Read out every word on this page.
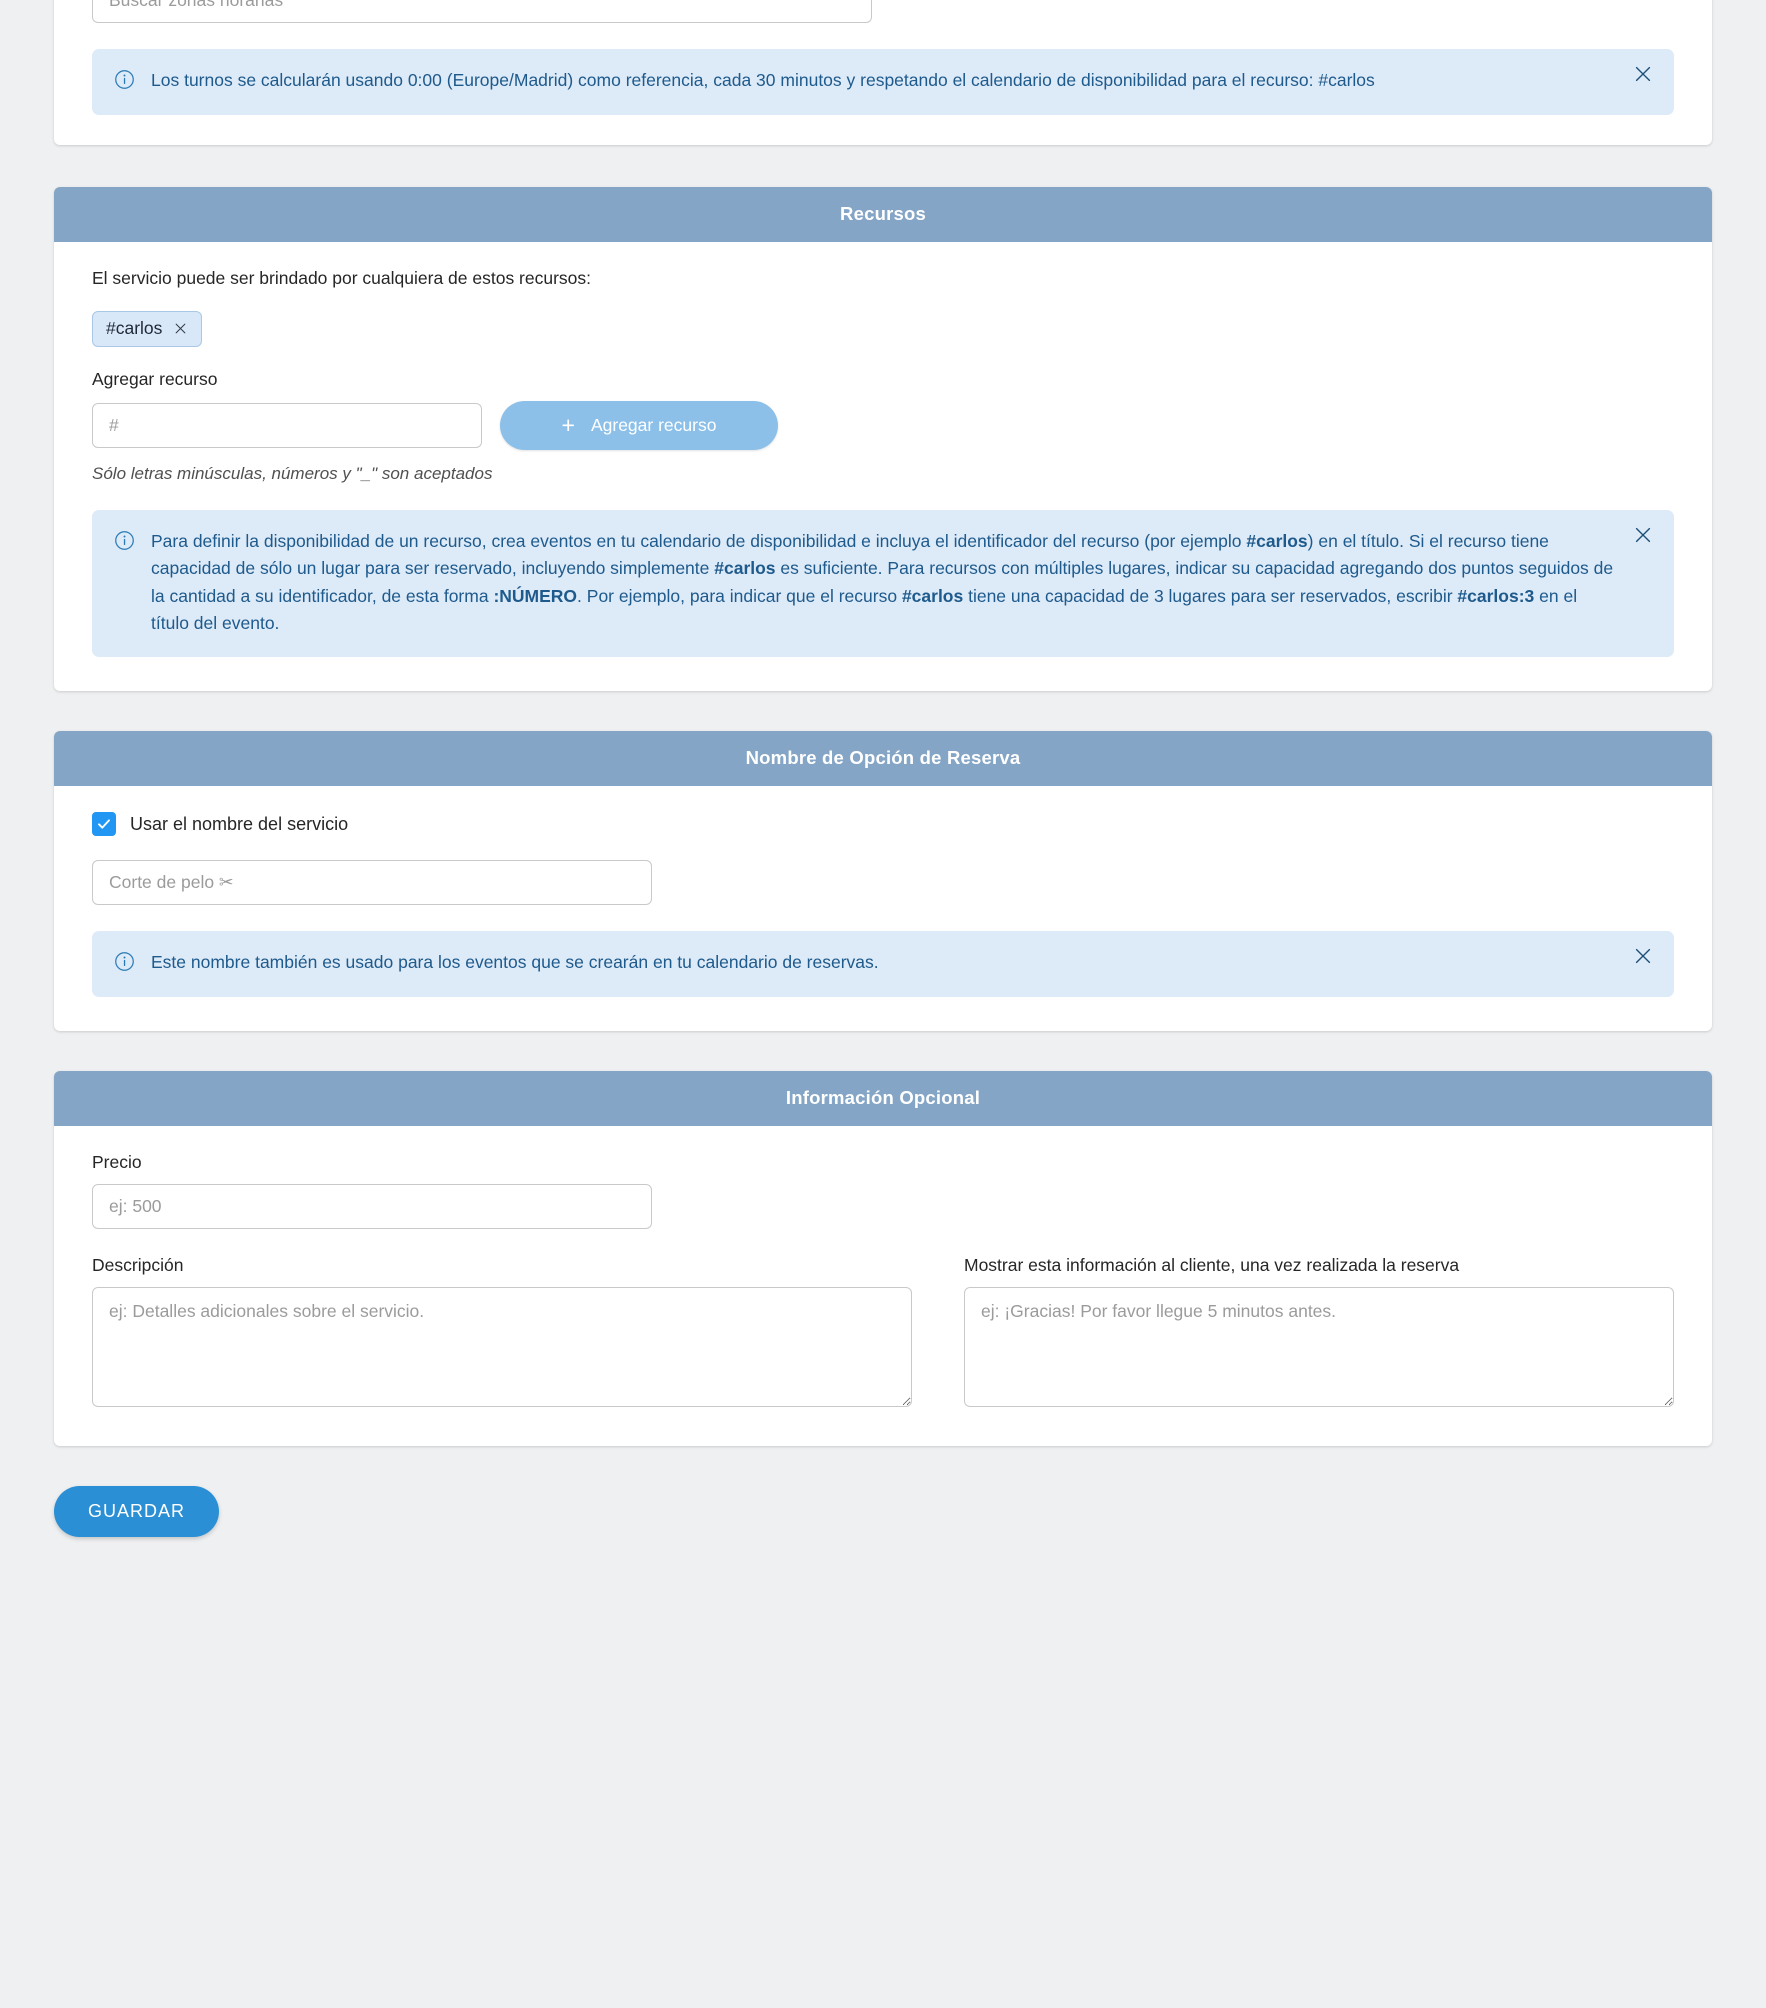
Buscar zonas horarias
Los turnos se calcularán usando 0:00 (Europe/Madrid) como referencia, cada 30 minutos y respetando el calendario de disponibilidad para el recurso: #carlos
Recursos

El servicio puede ser brindado por cualquiera de estos recursos:

#carlos

Agregar recurso

#
+ Agregar recurso

Sólo letras minúsculas, números y "_" son aceptados

Para definir la disponibilidad de un recurso, crea eventos en tu calendario de disponibilidad e incluya el identificador del recurso (por ejemplo #carlos) en el título. Si el recurso tiene capacidad de sólo un lugar para ser reservado, incluyendo simplemente #carlos es suficiente. Para recursos con múltiples lugares, indicar su capacidad agregando dos puntos seguidos de la cantidad a su identificador, de esta forma :NÚMERO. Por ejemplo, para indicar que el recurso #carlos tiene una capacidad de 3 lugares para ser reservados, escribir #carlos:3 en el título del evento.
Nombre de Opción de Reserva
Usar el nombre del servicio
Corte de pelo ✂
Este nombre también es usado para los eventos que se crearán en tu calendario de reservas.
Información Opcional

Precio

ej: 500

Descripción

ej: Detalles adicionales sobre el servicio.	Mostrar esta información al cliente, una vez realizada la reserva

ej: ¡Gracias! Por favor llegue 5 minutos antes.
GUARDAR
